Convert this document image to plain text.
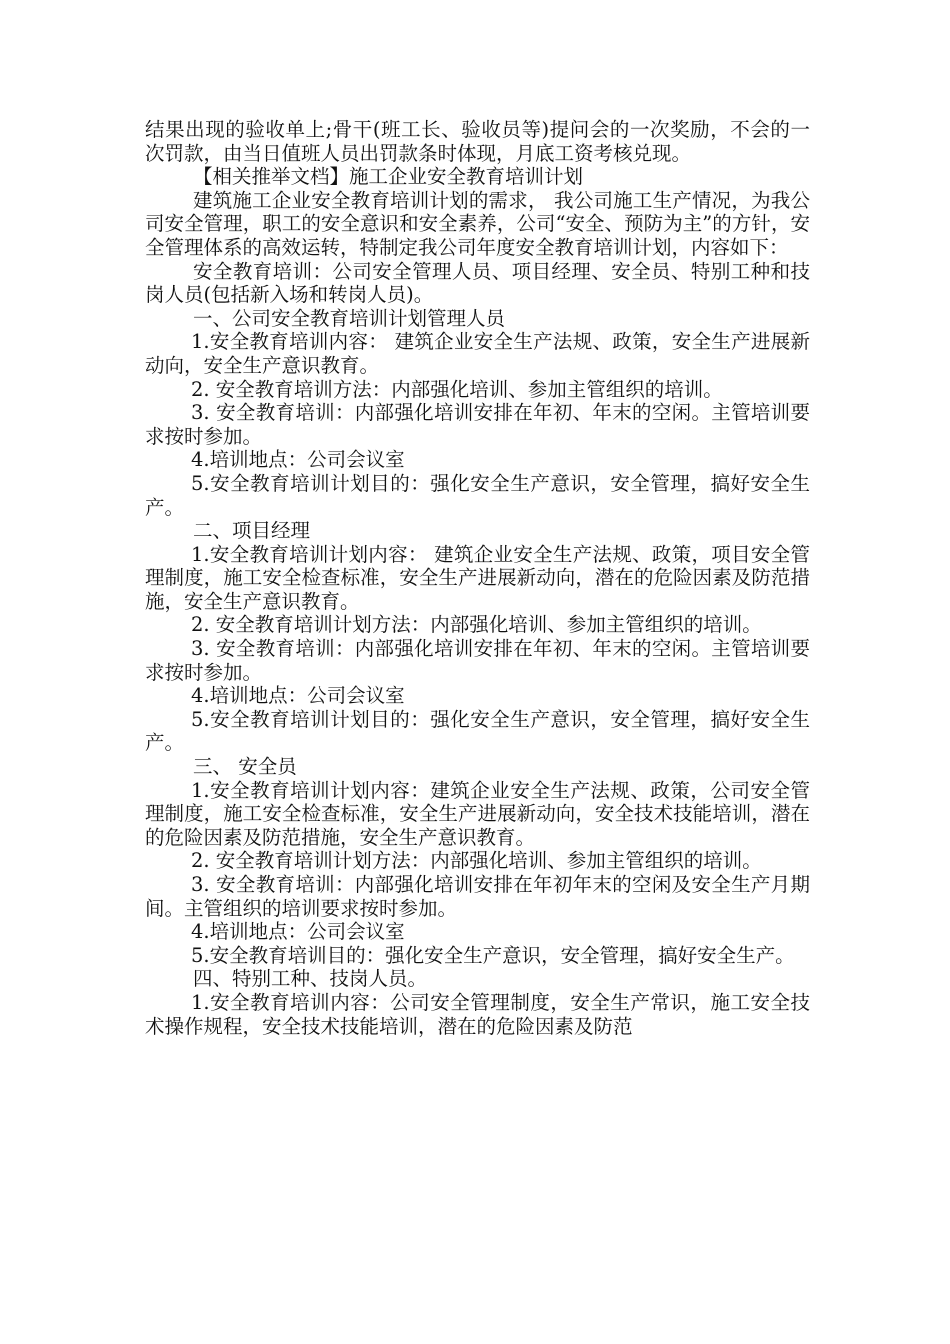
结果出现的验收单上;骨干(班工长、验收员等)提问会的一次奖励，不会的一次罚款，由当日值班人员出罚款条时体现，月底工资考核兑现。

【相关推举文档】施工企业安全教育培训计划

建筑施工企业安全教育培训计划的需求， 我公司施工生产情况，为我公司安全管理，职工的安全意识和安全素养，公司“安全、预防为主”的方针，安全管理体系的高效运转，特制定我公司年度安全教育培训计划，内容如下：

安全教育培训：公司安全管理人员、项目经理、安全员、特别工种和技岗人员(包括新入场和转岗人员)。

一、公司安全教育培训计划管理人员

1.安全教育培训内容： 建筑企业安全生产法规、政策，安全生产进展新动向，安全生产意识教育。

2. 安全教育培训方法：内部强化培训、参加主管组织的培训。

3. 安全教育培训：内部强化培训安排在年初、年末的空闲。主管培训要求按时参加。

4.培训地点：公司会议室

5.安全教育培训计划目的：强化安全生产意识，安全管理，搞好安全生产。

二、项目经理

1.安全教育培训计划内容： 建筑企业安全生产法规、政策，项目安全管理制度，施工安全检查标准，安全生产进展新动向，潜在的危险因素及防范措施，安全生产意识教育。

2. 安全教育培训计划方法：内部强化培训、参加主管组织的培训。

3. 安全教育培训：内部强化培训安排在年初、年末的空闲。主管培训要求按时参加。

4.培训地点：公司会议室

5.安全教育培训计划目的：强化安全生产意识，安全管理，搞好安全生产。

三、 安全员

1.安全教育培训计划内容：建筑企业安全生产法规、政策，公司安全管理制度，施工安全检查标准，安全生产进展新动向，安全技术技能培训，潜在的危险因素及防范措施，安全生产意识教育。

2. 安全教育培训计划方法：内部强化培训、参加主管组织的培训。

3. 安全教育培训：内部强化培训安排在年初年末的空闲及安全生产月期间。主管组织的培训要求按时参加。

4.培训地点：公司会议室

5.安全教育培训目的：强化安全生产意识，安全管理，搞好安全生产。

四、特别工种、技岗人员。

1.安全教育培训内容：公司安全管理制度，安全生产常识，施工安全技术操作规程，安全技术技能培训，潜在的危险因素及防范
